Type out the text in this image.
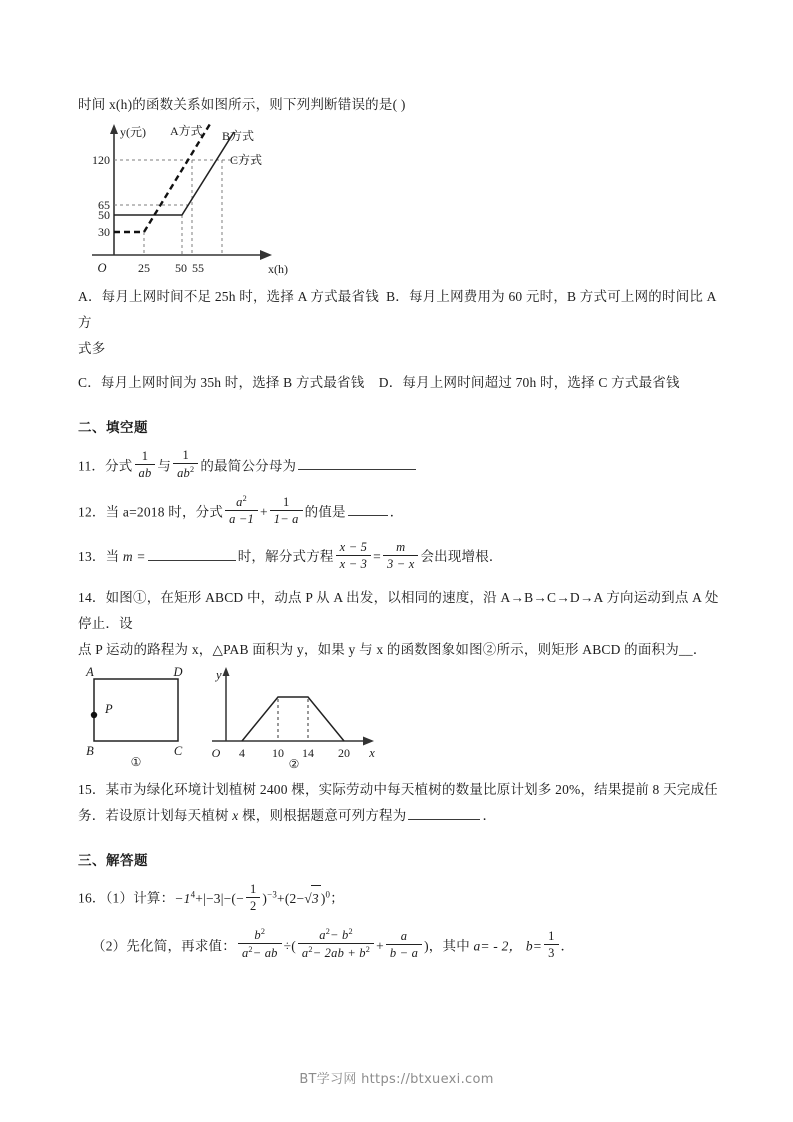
时间 x(h)的函数关系如图所示，则下列判断错误的是( )
120
65
50
30
25 50 55
O	x(h)
y(元) A方式 B方式
C方式
A．每月上网时间不足 25h 时，选择 A 方式最省钱 B．每月上网费用为 60 元时，B 方式可上网的时间比 A 方
式多
C．每月上网时间为 35h 时，选择 B 方式最省钱 D．每月上网时间超过 70h 时，选择 C 方式最省钱
二、填空题
11．分式 $\frac{1}{ab}$ 与 $\frac{1}{ab^2}$ 的最简公分母为
12．当 a=2018 时，分式 $\frac{a^2}{a -1} + \frac{1}{1- a}$ 的值是	．
13．当 m =	时，解分式方程 $\frac{x - 5}{x - 3} = \frac{m}{3 - x}$ 会出现增根．
14．如图①，在矩形 ABCD 中，动点 P 从 A 出发，以相同的速度，沿 A→B→C→D→A 方向运动到点 A 处停止．设
点 P 运动的路程为 x，△PAB 面积为 y，如果 y 与 x 的函数图象如图②所示，则矩形 ABCD 的面积为__．
A	D
B	C
P
①
O 4 10 14 20 x
y
②
15．某市为绿化环境计划植树 2400 棵，实际劳动中每天植树的数量比原计划多 20%，结果提前 8 天完成任
务．若设原计划每天植树 x 棵，则根据题意可列方程为	．
三、解答题
16．（1）计算：$-1^4+|-3|-(- \frac{1}{2} )^{-3}+(2-√3$ )$^0$；
（2）先化简，再求值： $\frac{b^2}{a^2- ab}$ ÷( $\frac{a^2- b^2}{a^2- 2ab + b^2} + \frac{a}{b - a}$ )，其中 a= - 2， $b= \frac{1}{3}$ ．
BT学习网 https://btxuexi.com
